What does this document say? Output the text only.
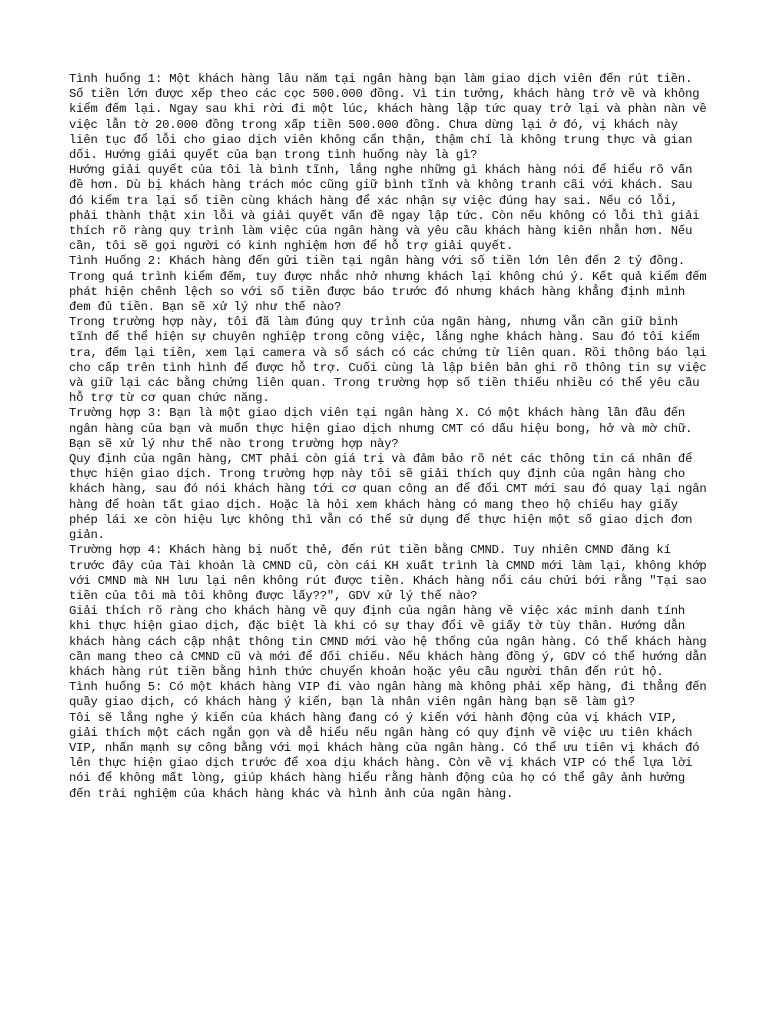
Tình huống 1: Một khách hàng lâu năm tại ngân hàng bạn làm giao dịch viên đến rút tiền. Số tiền lớn được xếp theo các cọc 500.000 đồng. Vì tin tưởng, khách hàng trở về và không kiểm đếm lại. Ngay sau khi rời đi một lúc, khách hàng lập tức quay trở lại và phàn nàn về việc lẫn tờ 20.000 đồng trong xấp tiền 500.000 đồng. Chưa dừng lại ở đó, vị khách này liên tục đổ lỗi cho giao dịch viên không cẩn thận, thậm chí là không trung thực và gian dối. Hướng giải quyết của bạn trong tình huống này là gì?

Hướng giải quyết của tôi là bình tĩnh, lắng nghe những gì khách hàng nói để hiểu rõ vấn đề hơn. Dù bị khách hàng trách móc cũng giữ bình tĩnh và không tranh cãi với khách. Sau đó kiểm tra lại số tiền cùng khách hàng để xác nhận sự việc đúng hay sai. Nếu có lỗi, phải thành thật xin lỗi và giải quyết vấn đề ngay lập tức. Còn nếu không có lỗi thì giải thích rõ ràng quy trình làm việc của ngân hàng và yêu cầu khách hàng kiên nhẫn hơn. Nếu cần, tôi sẽ gọi người có kinh nghiệm hơn để hỗ trợ giải quyết.

Tình Huống 2: Khách hàng đến gửi tiền tại ngân hàng với số tiền lớn lên đến 2 tỷ đồng. Trong quá trình kiểm đếm, tuy được nhắc nhở nhưng khách lại không chú ý. Kết quả kiểm đếm phát hiện chênh lệch so với số tiền được báo trước đó nhưng khách hàng khẳng định mình đem đủ tiền. Bạn sẽ xử lý như thế nào?

Trong trường hợp này, tôi đã làm đúng quy trình của ngân hàng, nhưng vẫn cần giữ bình tĩnh để thể hiện sự chuyên nghiệp trong công việc, lắng nghe khách hàng. Sau đó tôi kiểm tra, đếm lại tiền, xem lại camera và sổ sách có các chứng từ liên quan. Rồi thông báo lại cho cấp trên tình hình để được hỗ trợ. Cuối cùng là lập biên bản ghi rõ thông tin sự việc và giữ lại các bằng chứng liên quan. Trong trường hợp số tiền thiếu nhiều có thể yêu cầu hỗ trợ từ cơ quan chức năng.

Trường hợp 3: Bạn là một giao dịch viên tại ngân hàng X. Có một khách hàng lần đầu đến ngân hàng của bạn và muốn thực hiện giao dịch nhưng CMT có dấu hiệu bong, hở và mờ chữ. Bạn sẽ xử lý như thế nào trong trường hợp này?

Quy định của ngân hàng, CMT phải còn giá trị và đảm bảo rõ nét các thông tin cá nhân để thực hiện giao dịch. Trong trường hợp này tôi sẽ giải thích quy định của ngân hàng cho khách hàng, sau đó nói khách hàng tới cơ quan công an để đổi CMT mới sau đó quay lại ngân hàng để hoàn tất giao dịch. Hoặc là hỏi xem khách hàng có mang theo hộ chiếu hay giấy phép lái xe còn hiệu lực không thì vẫn có thể sử dụng để thực hiện một số giao dịch đơn giản.

Trường hợp 4: Khách hàng bị nuốt thẻ, đến rút tiền bằng CMND. Tuy nhiên CMND đăng kí trước đây của Tài khoản là CMND cũ, còn cái KH xuất trình là CMND mới làm lại, không khớp với CMND mà NH lưu lại nên không rút được tiền. Khách hàng nổi cáu chửi bới rằng "Tại sao tiền của tôi mà tôi không được lấy??", GDV xử lý thế nào?

Giải thích rõ ràng cho khách hàng về quy định của ngân hàng về việc xác minh danh tính khi thực hiện giao dịch, đặc biệt là khi có sự thay đổi về giấy tờ tùy thân. Hướng dẫn khách hàng cách cập nhật thông tin CMND mới vào hệ thống của ngân hàng. Có thể khách hàng cần mang theo cả CMND cũ và mới để đối chiếu. Nếu khách hàng đồng ý, GDV có thể hướng dẫn khách hàng rút tiền bằng hình thức chuyển khoản hoặc yêu cầu người thân đến rút hộ.

Tình huống 5: Có một khách hàng VIP đi vào ngân hàng mà không phải xếp hàng, đi thẳng đến quầy giao dịch, có khách hàng ý kiến, bạn là nhân viên ngân hàng bạn sẽ làm gì?

Tôi sẽ lắng nghe ý kiến của khách hàng đang có ý kiến với hành động của vị khách VIP, giải thích một cách ngắn gọn và dễ hiểu nếu ngân hàng có quy định về việc ưu tiên khách VIP, nhấn mạnh sự công bằng với mọi khách hàng của ngân hàng. Có thể ưu tiên vị khách đó lên thực hiện giao dịch trước để xoa dịu khách hàng. Còn về vị khách VIP có thể lựa lời nói để không mất lòng, giúp khách hàng hiểu rằng hành động của họ có thể gây ảnh hưởng đến trải nghiệm của khách hàng khác và hình ảnh của ngân hàng.
